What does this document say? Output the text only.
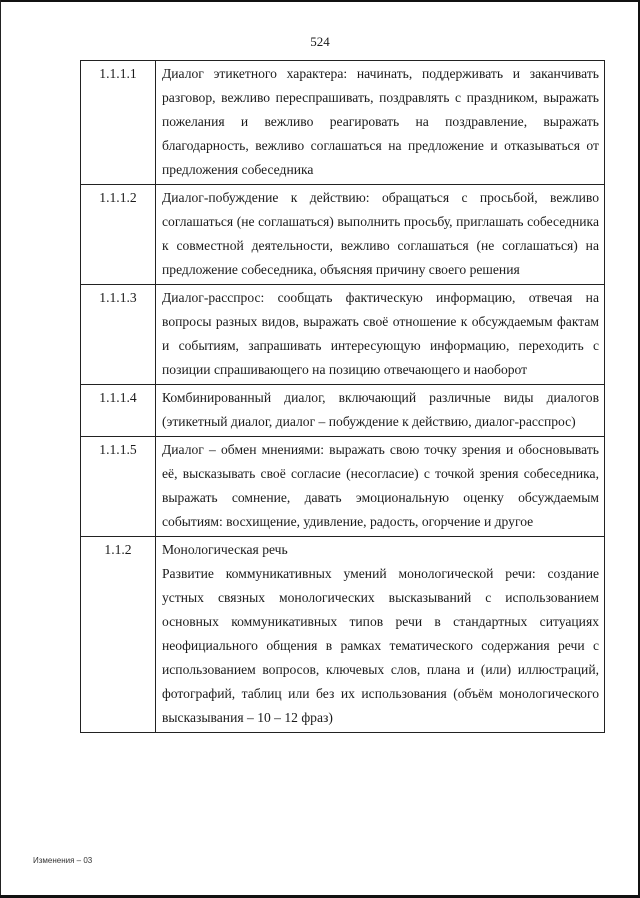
524
1.1.1.1	Диалог этикетного характера: начинать, поддерживать и заканчивать разговор, вежливо переспрашивать, поздравлять с праздником, выражать пожелания и вежливо реагировать на поздравление, выражать благодарность, вежливо соглашаться на предложение и отказываться от предложения собеседника
1.1.1.2	Диалог-побуждение к действию: обращаться с просьбой, вежливо соглашаться (не соглашаться) выполнить просьбу, приглашать собеседника к совместной деятельности, вежливо соглашаться (не соглашаться) на предложение собеседника, объясняя причину своего решения
1.1.1.3	Диалог-расспрос: сообщать фактическую информацию, отвечая на вопросы разных видов, выражать своё отношение к обсуждаемым фактам и событиям, запрашивать интересующую информацию, переходить с позиции спрашивающего на позицию отвечающего и наоборот
1.1.1.4	Комбинированный диалог, включающий различные виды диалогов (этикетный диалог, диалог – побуждение к действию, диалог-расспрос)
1.1.1.5	Диалог – обмен мнениями: выражать свою точку зрения и обосновывать её, высказывать своё согласие (несогласие) с точкой зрения собеседника, выражать сомнение, давать эмоциональную оценку обсуждаемым событиям: восхищение, удивление, радость, огорчение и другое
1.1.2	Монологическая речь
Развитие коммуникативных умений монологической речи: создание устных связных монологических высказываний с использованием основных коммуникативных типов речи в стандартных ситуациях неофициального общения в рамках тематического содержания речи с использованием вопросов, ключевых слов, плана и (или) иллюстраций, фотографий, таблиц или без их использования (объём монологического высказывания – 10 – 12 фраз)
Изменения – 03
